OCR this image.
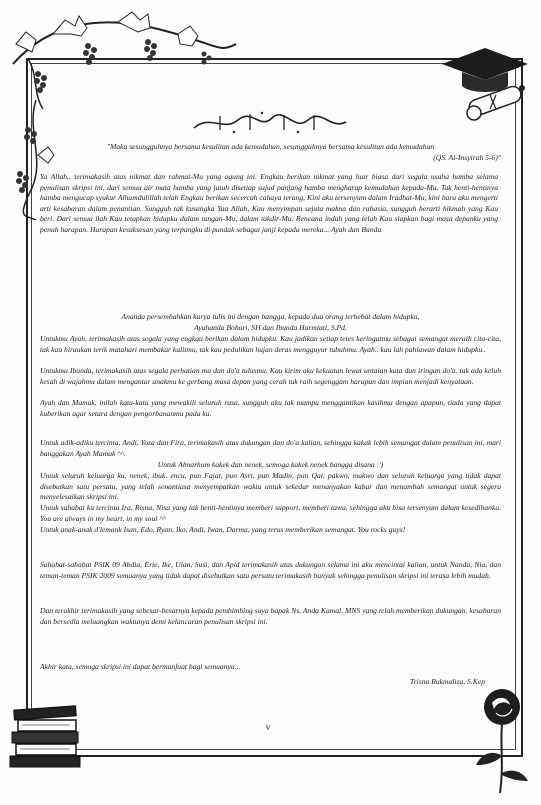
"Maka sesungguhnya bersama kesulitan ada kemudahan, sesungguhnya bersama kesulitan ada kemudahan
(QS. Al-Insyirah 5-6)"
Ya Allah.. terimakasih atas nikmat dan rahmat-Mu yang agung ini. Engkau berikan nikmat yang luar biasa dari segala usaha hamba selama penulisan skripsi ini, dari semua air mata hamba yang jatuh disetiap sujud panjang hamba mengharap kemudahan kepada-Mu. Tak henti-hentinya hamba mengucap syukur Alhamdulillah telah Engkau berikan secercah cahaya terang, Kini aku tersenyum dalam Iradhat-Mu, kini baru aku mengerti arti kesabaran dalam penantian. Sungguh tak kusangka Yaa Allah, Kau menyimpan sejuta makna dan rahasia, sungguh berarti hikmah yang Kau beri. Dari semua ilah Kau tetapkan hidupku dalam tangan-Mu, dalam takdir-Mu. Rencana indah yang telah Kau siapkan bagi masa depanku yang penuh harapan. Harapan kesuksesan yang terpangku di pundak sebagai janji kepada mereka... Ayah dan Bunda
Ananda persembahkan karya tulis ini dengan bangga, kepada dua orang terhebat dalam hidupku,
Ayahanda Bohari, SH dan Ibunda Harmiati, S.Pd.
Untukmu Ayah, terimakasih atas segala yang engkau berikan dalam hidupku. Kau jadikan setiap tetes keringatmu sebagai semangat meraih cita-cita, tak kau hiraukan terik matahari membakar kulitmu, tak kau pedulikan hujan deras mengguyur tubuhmu. Ayah.. kau lah pahlawan dalam hidupku..
Untukmu Ibunda, terimakasih atas segala perhatian mu dan do'a tulusmu. Kau kirim aku kekuatan lewat untaian kata dan iringan do'a. tak ada keluh kesah di wajahmu dalam mengantar anakmu ke gerbang masa depan yang cerah tuk raih segenggam harapan dan impian menjadi kenyataan.
Ayah dan Mamak, inilah kata-kata yang mewakili seluruh rasa, sungguh aku tak mampu menggantikan kasihmu dengan apapun, tiada yang dapat kuberikan agar setara dengan pengorbananmu pada ku.
Untuk adik-adiku tercinta, Andi, Yoza dan Fira, terimakasih atas dukungan dan do'a kalian, sehingga kakak lebih semangat dalam penulisan ini, mari banggakan Ayah Mamak ^^.
Untuk Almarhum kakek dan nenek, semoga kakek nenek bangga disana :')
Untuk seluruh keluarga ku, nenek, ibuk, encu, pun Fajar, pun Asri, pun Madin, pun Qai, pakwo, makwo dan seluruh keluarga yang tidak dapat disebutkan satu persatu, yang telah senantiasa menyempatkan waktu untuk sekedar menanyakan kabar dan menambah semangat untuk segera menyelesaikan skripsi ini.
Untuk sahabat ku tercinta Ira, Risna, Nisa yang tak henti-hentinya memberi support, memberi tawa, sehingga aku bisa tersenyum dalam kesedihanku. You are always in my heart, in my soul ^^
Untuk anak-anak d'lemank Isan, Edo, Ryan, Iko, Andi, Iwan, Darma, yang terus memberikan semangat. You rocks guys!
Sahabat-sahabat PSIK 09 Abdia, Erie, Ike, Ulan, Susi, dan Apid terimakasih atas dukungan selama ini aku mencintai kalian, untuk Nanda, Nia, dan teman-teman PSIK 2009 semuanya yang tidak dapat disebutkan satu persatu terimakasih banyak sehingga penulisan skripsi ini terasa lebih mudah.
Dan terakhir terimakasih yang sebesar-besarnya kepada pembimbing saya bapak Ns. Anda Kamal, MNS yang telah memberikan dukungan, kesabaran dan bersedia meluangkan waktunya demi kelancaran penulisan skripsi ini.
Akhir kata, semoga skripsi ini dapat bermanfaat bagi semuanya...
Trisna Rukmaliza, S.Kep
v
